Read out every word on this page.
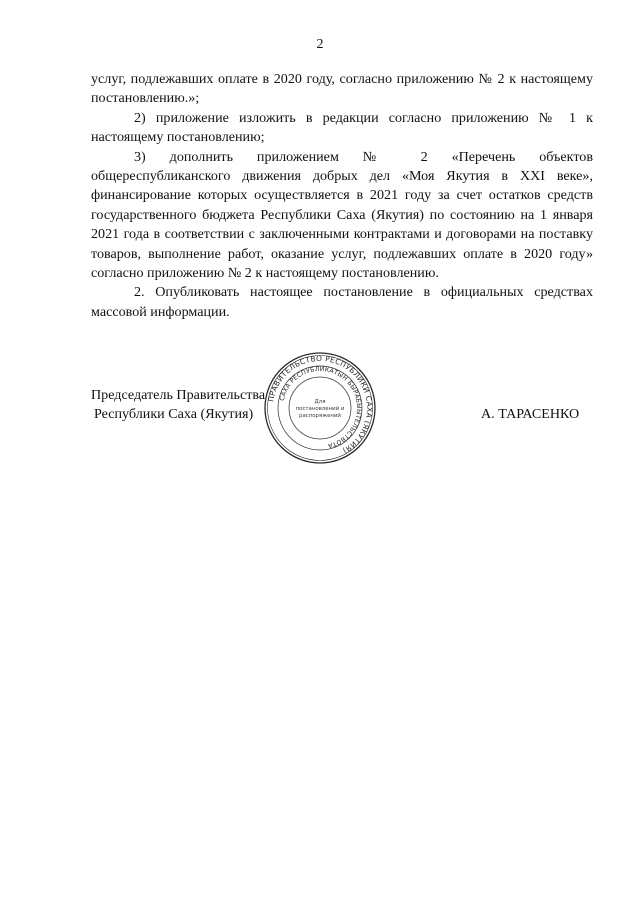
2

услуг, подлежавших оплате в 2020 году, согласно приложению № 2 к настоящему постановлению.»;

2) приложение изложить в редакции согласно приложению № 1 к настоящему постановлению;

3) дополнить приложением № 2 «Перечень объектов общереспубликанского движения добрых дел «Моя Якутия в XXI веке», финансирование которых осуществляется в 2021 году за счет остатков средств государственного бюджета Республики Саха (Якутия) по состоянию на 1 января 2021 года в соответствии с заключенными контрактами и договорами на поставку товаров, выполнение работ, оказание услуг, подлежавших оплате в 2020 году» согласно приложению № 2 к настоящему постановлению.

2. Опубликовать настоящее постановление в официальных средствах массовой информации.

Председатель Правительства
Республики Саха (Якутия)
ПРАВИТЕЛЬСТВО РЕСПУБЛИКИ САХА (ЯКУТИЯ)
САХА РЕСПУБЛИКАТЫН БЫРАБЫЫТЕЛЬСТВОТА
Для
постановлений и
распоряжений	А. ТАРАСЕНКО
